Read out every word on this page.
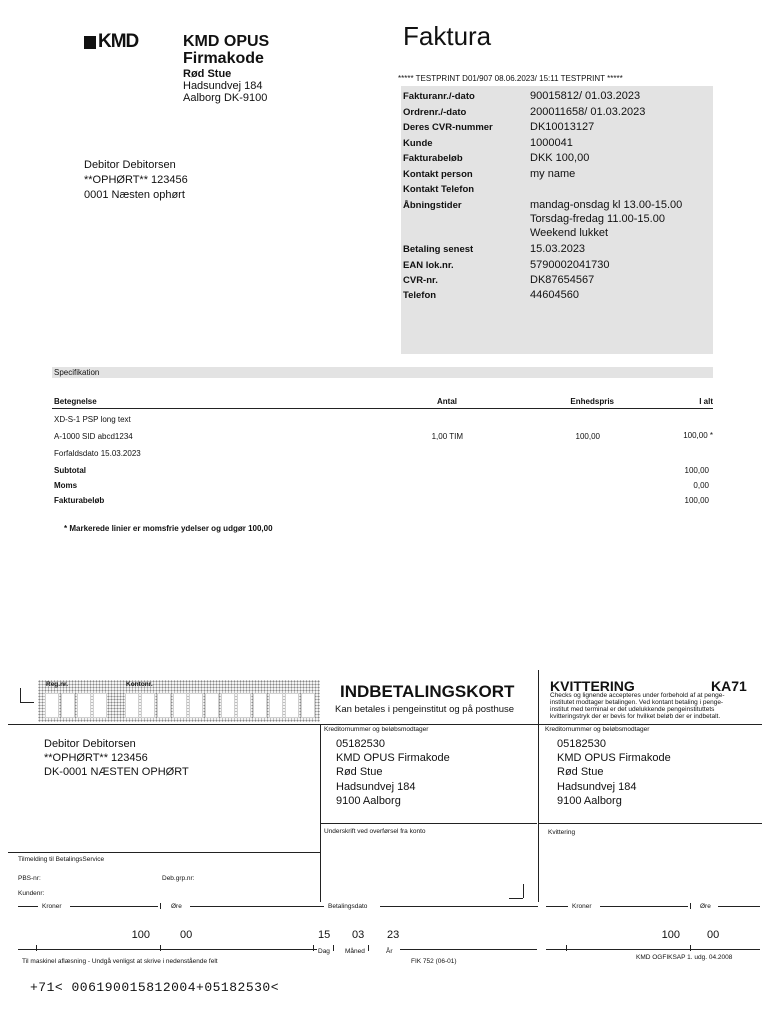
KMD	KMD OPUS
Firmakode
Rød Stue
Hadsundvej 184
Aalborg DK-9100
Faktura
***** TESTPRINT D01/907 08.06.2023/ 15:11 TESTPRINT *****
Debitor Debitorsen
**OPHØRT** 123456
0001 Næsten ophørt
Fakturanr./-dato	90015812/ 01.03.2023
Ordrenr./-dato	200011658/ 01.03.2023
Deres CVR-nummer	DK10013127
Kunde	1000041
Fakturabeløb	DKK 100,00
Kontakt person	my name
Kontakt Telefon
Åbningstider	mandag-onsdag kl 13.00-15.00
Torsdag-fredag 11.00-15.00
Weekend lukket
Betaling senest	15.03.2023
EAN lok.nr.	5790002041730
CVR-nr.	DK87654567
Telefon	44604560
Specifikation
Betegnelse	Antal	Enhedspris	I alt
XD-S-1 PSP long text
A-1000 SID abcd1234	1,00 TIM	100,00	100,00 *
Forfaldsdato 15.03.2023
Subtotal	100,00
Moms	0,00
Fakturabeløb	100,00
* Markerede linier er momsfrie ydelser og udgør 100,00
Reg.nr.	Kontonr.	INDBETALINGSKORT
Kan betales i pengeinstitut og på posthuse
KVITTERING	KA71
Checks og lignende accepteres under forbehold af at penge-
institutet modtager betalingen. Ved kontant betaling i penge-
institut med terminal er det udelukkende pengeinstituttets
kvitteringstryk der er bevis for hvilket beløb der er indbetalt.
Debitor Debitorsen
**OPHØRT** 123456
DK-0001 NÆSTEN OPHØRT
Kreditornummer og beløbsmodtager
05182530
KMD OPUS Firmakode
Rød Stue
Hadsundvej 184
9100 Aalborg
Kreditornummer og beløbsmodtager
05182530
KMD OPUS Firmakode
Rød Stue
Hadsundvej 184
9100 Aalborg
Underskrift ved overførsel fra konto	Kvittering
Tilmelding til BetalingsService
PBS-nr:	Deb.grp.nr:
Kundenr:
Kroner	Øre	Betalingsdato	Kroner	Øre
100	00	15 03 23	100 00
Dag Måned	År
Til maskinel aflæsning - Undgå venligst at skrive i nedenstående felt	FIK 752 (06-01)
KMD OGFIKSAP 1. udg. 04.2008
+71< 006190015812004+05182530<
